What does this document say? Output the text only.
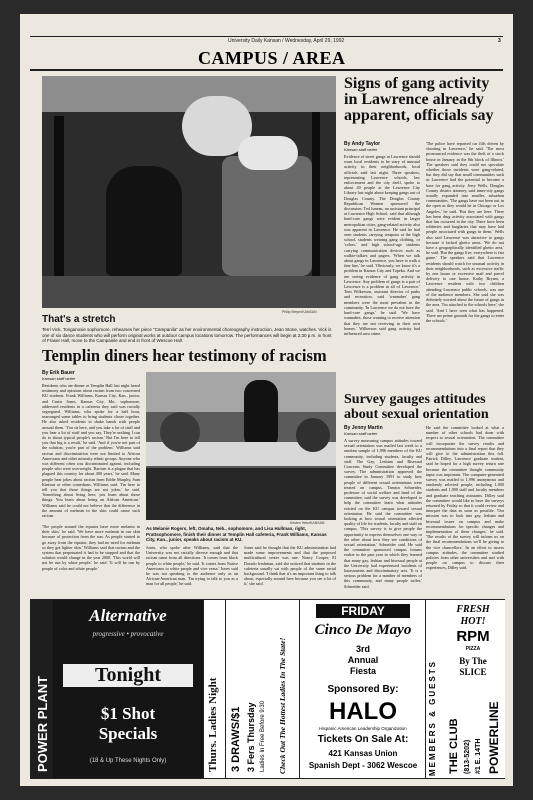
University Daily Kansan / Wednesday, April 29, 1992	3
CAMPUS / AREA
Philip Meyer/KANSAN
That's a stretch
Terri Vick, Tonganoxie sophomore, rehearses her piece "Campanila" as her environmental choreography instruction, Jean Stone, watches. Vick is one of six dance students who will perform original works at outdoor campus locations tomorrow. The performances will begin at 2:30 p.m. in front of Fraser Hall, move to the Campanile and end in front of Wescoe Hall.
Signs of gang activity in Lawrence already apparent, officials say
By Andy Taylor
Kansan staff writer
Evidence of street gangs in Lawrence should warn local residents to be wary of unusual activity in their neighborhoods, local officials said last night. Three speakers, representing Lawrence schools, law enforcement and the city itself, spoke to about 40 people at the Lawrence City Library last night about keeping gangs out of Douglas County. The Douglas County Republican Women sponsored the discussion. Ted Juneau, an assistant principal at Lawrence High School, said that although hard-core gangs were evident in larger metropolitan cities, gang-related activity also was apparent in Lawrence. He said he had seen students carrying weapons at the high school, students wearing gang clothing, or 'colors,' and high school-age students carrying communication devices such as walkie-talkies and pagers. 'When we talk about gangs in Lawrence, you have to walk a fine line,' he said. 'Obviously, we know it's a problem in Kansas City and Topeka. And we are seeing evidence of gang activity in Lawrence. Any problem of gangs is a part of Lawrence is a problem in all of Lawrence.' Tom Wilkerson, assistant director of parks and recreation, said 'wannabes' gang members were the most prevalent in the community. 'In Lawrence we do not have the hard-core gangs,' he said. 'We have wannabes, those wanting to receive attention that they are not receiving in their own homes.' Wilkerson said gang activity had influenced area crime.
'The police have reported car fills driven by shooting in Lawrence,' he said. 'The most pronounced evidence was the theft of a stock house in January in the 8th block of Illinois.' The speakers said they could not speculate whether those incidents were gang-related, but they did say that small communities such as Lawrence had the potential to become a base for gang activity. Jerry Wells, Douglas County district attorney, said inner-city gangs usually expanded into smaller, suburban communities. 'The gangs have not been out in the open as they would be in Chicago or Los Angeles,' he said. 'But they are here. There has been drug activity associated with gangs that has occurred in the city. There have been robberies and burglaries that may have had people associated with gangs in them.' Wells also said Lawrence was attractive to gangs because it lacked ghetto areas. 'We do not have a geographically identified ghetto area,' he said. 'But the gangs live, everywhere is fair game.' The speakers said that Lawrence residents should watch for unusual activity in their neighborhoods, such as excessive traffic by one house or excessive mail and parcel delivery to one house. Kathy Bryant, a Lawrence resident with two children attending Lawrence public schools, was one of the audience members. She said she was definitely worried about the future of gangs in the area. 'I'm attached to the schools here,' she said. 'And I have seen what has happened. There are prime grounds for the gangs to enter the schools.'
Templin diners hear testimony of racism
By Erik Bauer
Kansan staff writer
Residents who ate dinner at Templin Hall last night heard testimony and opinions about racism from two concerned KU students. Frank Williams, Kansas City, Kan., junior, and Curtis Jones, Kansas City, Mo., sophomore, addressed residents in a cafeteria they said was racially segregated. Williams, who spoke for a half hour, rearranged some tables to bring students closer together. He also asked residents to shake hands with people around them. 'You sit here, and you take a lot of stuff and you hear a lot of stuff and you say, They're nothing I can do to about typical people's racism.' But I'm here to tell you that big is a result,' he said. 'And if you're not part of the solution, you're part of the problem.' Williams said racism and discrimination were not limited to African Americans and other minority ethnic groups. Anyone who was different often was discriminated against, including people who were overweight. 'Racism is a plague that has plagued this country for about 400 years,' he said. Many people hear jokes about racism from Eddie Murphy, Sam Kinison or other comedians, Williams said. 'I'm here to tell you that those things are not jokes,' he said. 'Something about living here, you learn about those things. You learn about being an African American.' Williams said he could not believe that the difference in the amount of melanin in the skin could cause such racism.
'The people around the equator have more melanin in their skin,' he said. 'We have more melanin in our skin because of protection from the sun. As people started to go away from the equator, they had no need for melanin so they got lighter skin.' Williams said that racism and the system that perpetuated it had to be stopped and that the solution would change in the year 2000. 'This world will not be run by white people,' he said. 'It will be run by people of color and white people.'
Kirsten Hetz/KANSAN
As Melanie Rogers, left, Omaha, Neb., sophomore, and Lisa Hullman, right, Prattsophomore, finish their dinner at Templin Hall cafeteria, Frank Williams, Kansas City, Kan., junior, speaks about racism at KU.
Jones, who spoke after Williams, said that the University was not racially diverse enough and that racism came from all directions. 'It comes from black people to white people,' he said. 'It comes from Native Americans to white people and vice versa.' Jones said he was not speaking to the audience only as an African-American man. 'I'm trying to talk to you as a man for all people,' he said.
Jones said he thought that the KU administration had made some improvements and that the proposed multicultural center was one. Nancy Cooper, El Dorado freshman, said she noticed that students in the cafeteria usually sat with people of the same racial background. 'I think that it's an important thing to talk about, especially around here because you see a lot of it,' she said.
Survey gauges attitudes about sexual orientation
By Jenny Martin
Kansan staff writer
A survey measuring campus attitudes toward sexual orientation was mailed last week to a random sample of 1,996 members of the KU community, including students, faculty and staff. The Gay, Lesbian and Bisexual Concerns Study Committee developed the survey. The administration approved the committee in January 1991 to study how people of different sexual orientations were treated on campus. Tamsin Schneider, professor of social welfare and head of the committee, said the survey was developed to help the committee learn what attitudes existed on the KU campus toward sexual orientation. He said the committee was looking at how sexual orientation affected quality of life for students, faculty and staff on campus. 'This survey is to give people the opportunity to express themselves one way or the other about how they see conditions of sexual orientation,' Schneider said. He said the committee sponsored campus forums earlier in the past year in which they learned that many gay, lesbian and bisexual people at the University had experienced incidents of harassments and discriminatory acts. 'It is a serious problem for a number of members of this community, and many people suffer,' Schneider said.
He said the committee looked at what a number of other schools had done with respect to sexual orientation. The committee will incorporate the survey results and recommendations into a final report that they will give to the administration this fall. Patrick Dilley, Lawrence graduate student, said he hoped for a high survey return rate because the committee thought community input was important. The computer-generated survey was mailed to 1,996 anonymous and randomly selected people, including 1,000 students and 1,000 staff and faculty members and graduate teaching assistants. Dilley said the committee would like to have the surveys returned by Friday so that it could review and interpret the data as soon as possible. 'Our mission was to look into gay, lesbian and bisexual issues on campus and make recommendations for specific changes and implementation of these changes,' he said. 'The results of the survey will inform us on the final recommendations we'll be giving to the vice chancellors.' In an effort to assess campus attitudes, the committee studied policies from other universities and met with people on campus to discuss their experiences, Dilley said.
POWER PLANT
Alternative
progressive • provocative
Tonight
$1 Shot
Specials
(18 & Up These Nights Only)	Thurs. Ladies Night 3 DRAWS/$1 3 Fers Thursday Ladies In Free Before 9:30 Check Out The Hottest Ladies In The State!
FRIDAY
Cinco De Mayo
3rd
Annual
Fiesta
Sponsored By:
HALO
Hispanic American Leadership Organization
Tickets On Sale At:
421 Kansas Union
Spanish Dept - 3062 Wescoe	MEMBERS & GUESTS
FRESH
HOT!
RPM
PIZZA
By The
SLICE
THE CLUB (813-5202) #1 E. 14TH POWERLINE
